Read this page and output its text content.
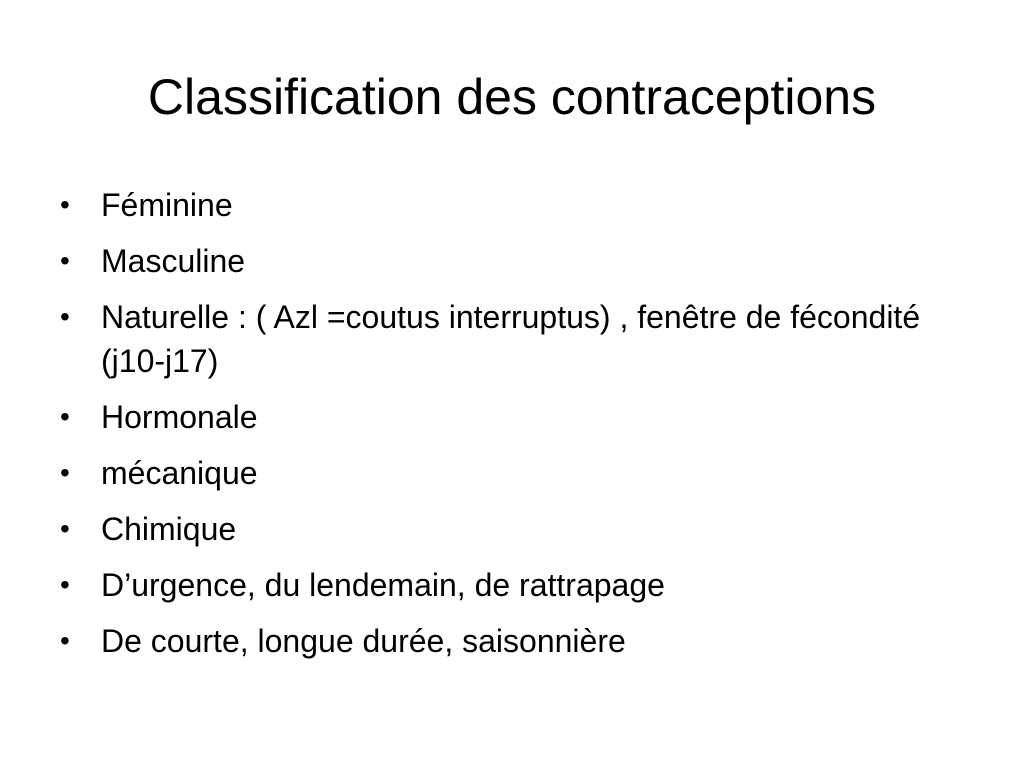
Classification des contraceptions
• Féminine
• Masculine
• Naturelle : ( Azl =coutus interruptus) , fenêtre de fécondité (j10-j17)
• Hormonale
• mécanique
• Chimique
• D’urgence, du lendemain, de rattrapage
• De courte, longue durée, saisonnière
